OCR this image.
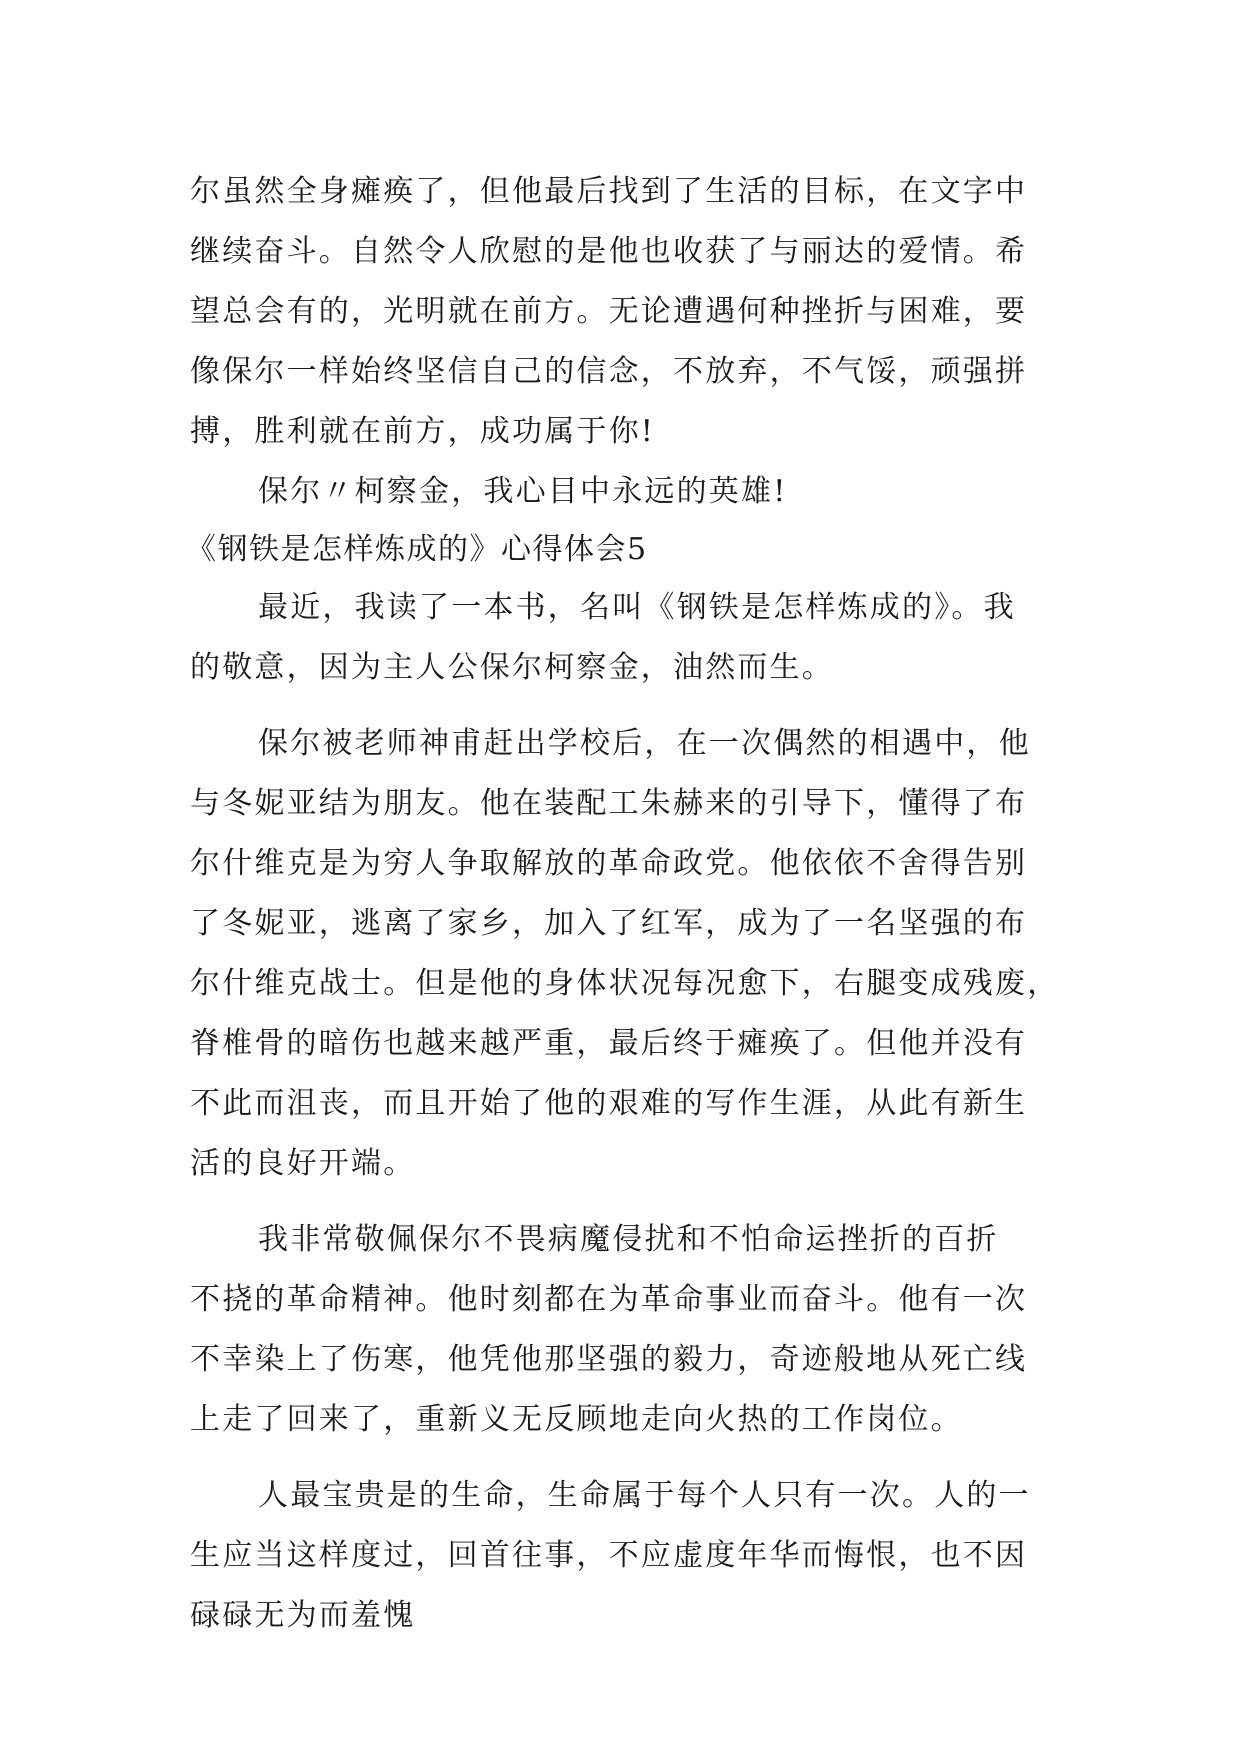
尔虽然全身瘫痪了，但他最后找到了生活的目标，在文字中
继续奋斗。自然令人欣慰的是他也收获了与丽达的爱情。希
望总会有的，光明就在前方。无论遭遇何种挫折与困难，要
像保尔一样始终坚信自己的信念，不放弃，不气馁，顽强拼
搏，胜利就在前方，成功属于你!
保尔〃柯察金，我心目中永远的英雄!
《钢铁是怎样炼成的》心得体会5
最近，我读了一本书，名叫《钢铁是怎样炼成的》。我
的敬意，因为主人公保尔柯察金，油然而生。
保尔被老师神甫赶出学校后，在一次偶然的相遇中，他
与冬妮亚结为朋友。他在装配工朱赫来的引导下，懂得了布
尔什维克是为穷人争取解放的革命政党。他依依不舍得告别
了冬妮亚，逃离了家乡，加入了红军，成为了一名坚强的布
尔什维克战士。但是他的身体状况每况愈下，右腿变成残废，
脊椎骨的暗伤也越来越严重，最后终于瘫痪了。但他并没有
不此而沮丧，而且开始了他的艰难的写作生涯，从此有新生
活的良好开端。
我非常敬佩保尔不畏病魔侵扰和不怕命运挫折的百折
不挠的革命精神。他时刻都在为革命事业而奋斗。他有一次
不幸染上了伤寒，他凭他那坚强的毅力，奇迹般地从死亡线
上走了回来了，重新义无反顾地走向火热的工作岗位。
人最宝贵是的生命，生命属于每个人只有一次。人的一
生应当这样度过，回首往事，不应虚度年华而悔恨，也不因
碌碌无为而羞愧
